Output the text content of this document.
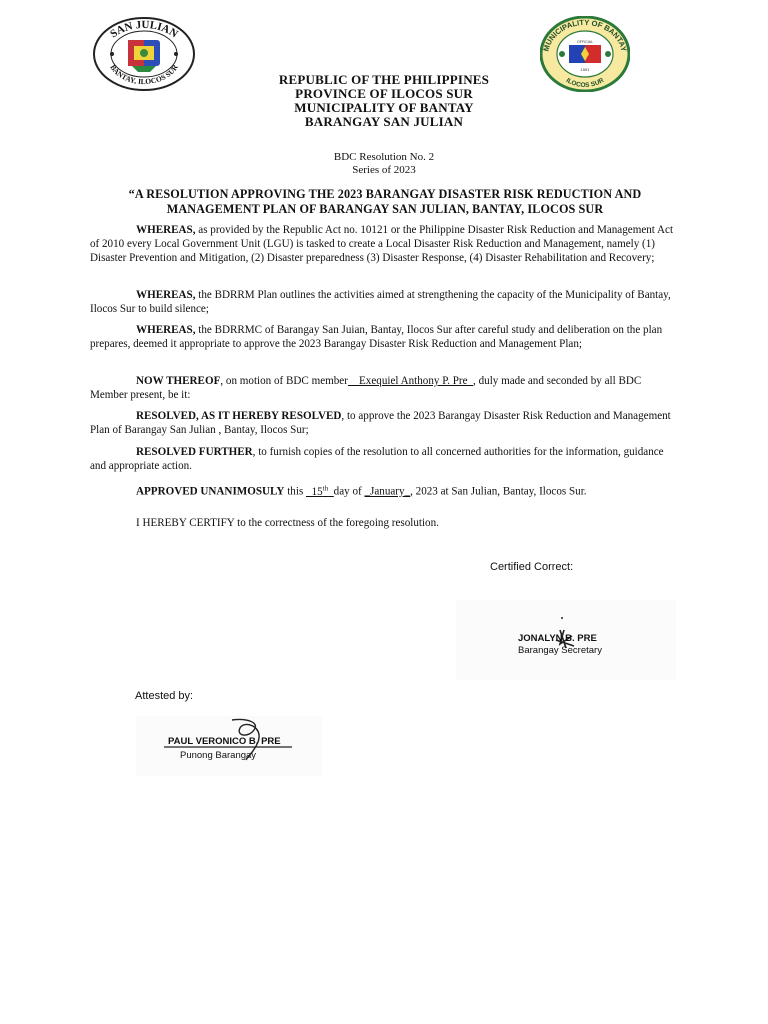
SAN JULIAN
BANTAY, ILOCOS SUR
MUNICIPALITY OF BANTAY
ILOCOS SUR
OFFICIAL
1591
REPUBLIC OF THE PHILIPPINES
PROVINCE OF ILOCOS SUR
MUNICIPALITY OF BANTAY
BARANGAY SAN JULIAN
BDC Resolution No. 2
Series of 2023
“A RESOLUTION APPROVING THE 2023 BARANGAY DISASTER RISK REDUCTION AND
MANAGEMENT PLAN OF BARANGAY SAN JULIAN, BANTAY, ILOCOS SUR

WHEREAS, as provided by the Republic Act no. 10121 or the Philippine Disaster Risk Reduction and Management Act of 2010 every Local Government Unit (LGU) is tasked to create a Local Disaster Risk Reduction and Management, namely (1) Disaster Prevention and Mitigation, (2) Disaster preparedness (3) Disaster Response, (4) Disaster Rehabilitation and Recovery;

WHEREAS, the BDRRM Plan outlines the activities aimed at strengthening the capacity of the Municipality of Bantay, Ilocos Sur to build silence;

WHEREAS, the BDRRMC of Barangay San Juian, Bantay, Ilocos Sur after careful study and deliberation on the plan prepares, deemed it appropriate to approve the 2023 Barangay Disaster Risk Reduction and Management Plan;

NOW THEREOF, on motion of BDC member__Exequiel Anthony P. Pre_, duly made and seconded by all BDC Member present, be it:

RESOLVED, AS IT HEREBY RESOLVED, to approve the 2023 Barangay Disaster Risk Reduction and Management Plan of Barangay San Julian , Bantay, Ilocos Sur;

RESOLVED FURTHER, to furnish copies of the resolution to all concerned authorities for the information, guidance and appropriate action.

APPROVED UNANIMOSULY this _15th_day of _January_, 2023 at San Julian, Bantay, Ilocos Sur.

I HEREBY CERTIFY to the correctness of the foregoing resolution.

Certified Correct:
JONALYN B. PRE
Barangay Secretary
Attested by:
PAUL VERONICO B. PRE
Punong Barangay
